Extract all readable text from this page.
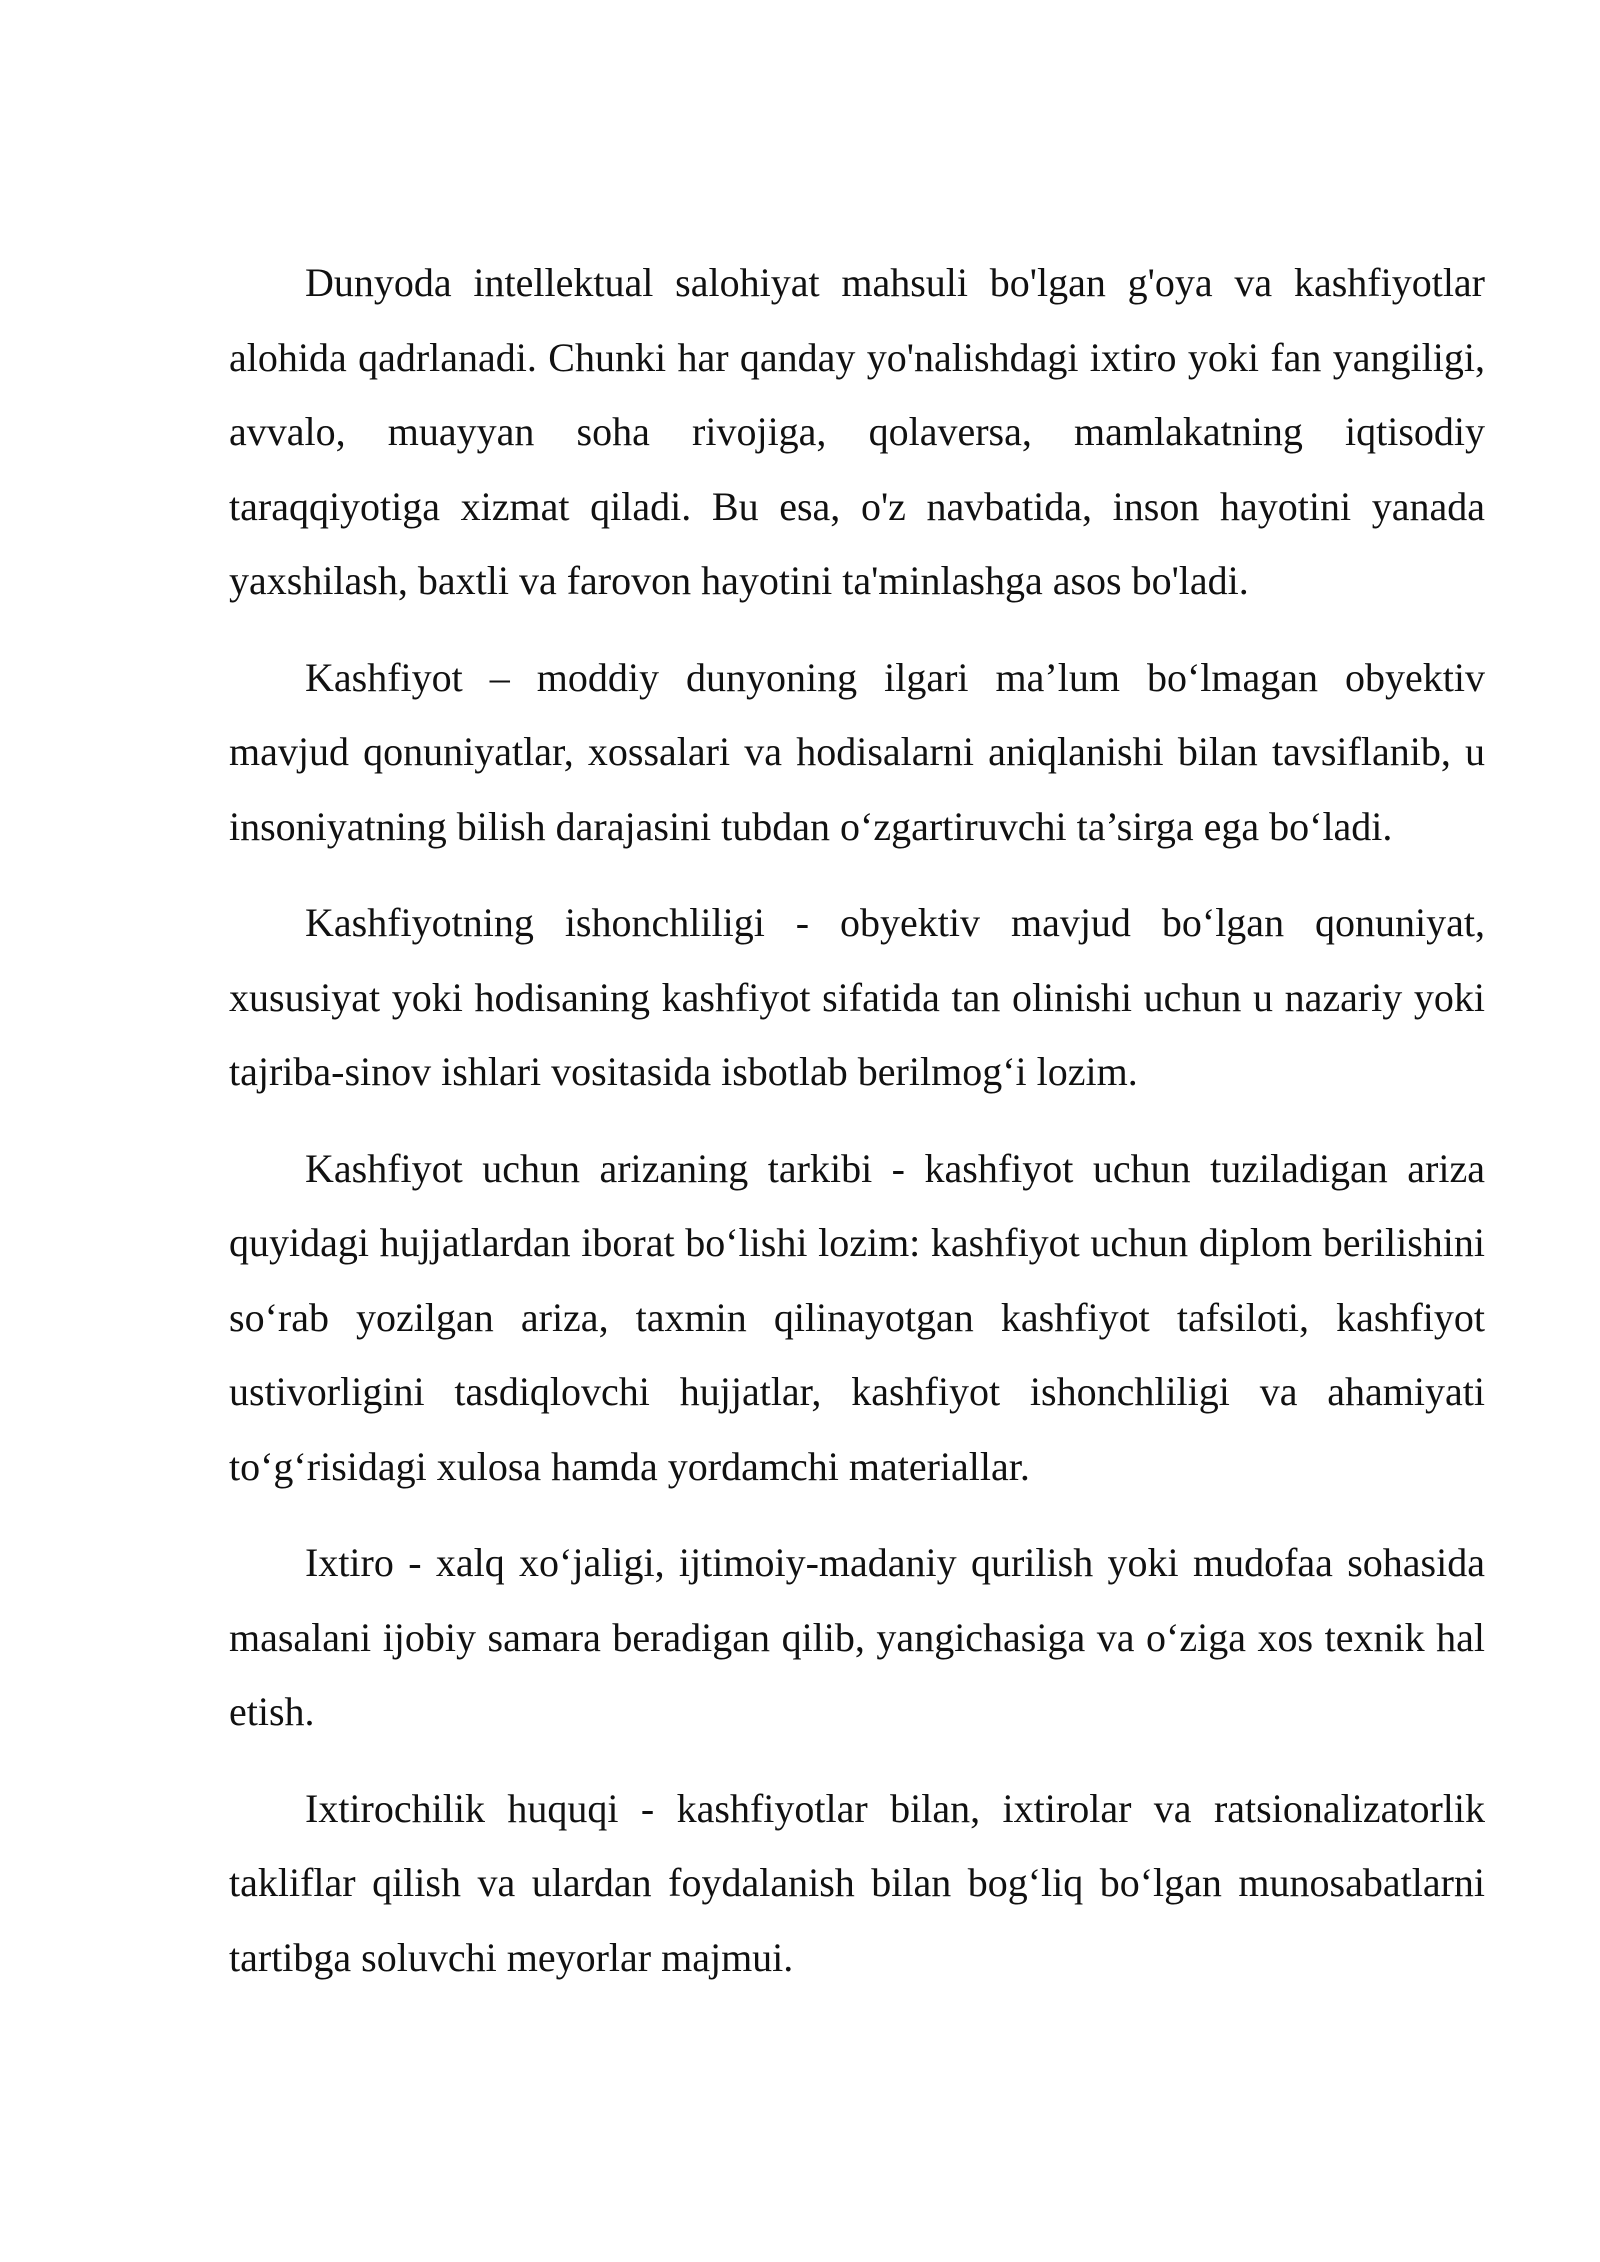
Dunyoda intellektual salohiyat mahsuli bo'lgan g'oya va kashfiyotlar alohida qadrlanadi. Chunki har qanday yo'nalishdagi ixtiro yoki fan yangiligi, avvalo, muayyan soha rivojiga, qolaversa, mamlakatning iqtisodiy taraqqiyotiga xizmat qiladi. Bu esa, o'z navbatida, inson hayotini yanada yaxshilash, baxtli va farovon hayotini ta'minlashga asos bo'ladi.

Kashfiyot – moddiy dunyoning ilgari ma’lum bo‘lmagan obyektiv mavjud qonuniyatlar, xossalari va hodisalarni aniqlanishi bilan tavsiflanib, u insoniyatning bilish darajasini tubdan o‘zgartiruvchi ta’sirga ega bo‘ladi.

Kashfiyotning ishonchliligi - obyektiv mavjud bo‘lgan qonuniyat, xususiyat yoki hodisaning kashfiyot sifatida tan olinishi uchun u nazariy yoki tajriba-sinov ishlari vositasida isbotlab berilmog‘i lozim.

Kashfiyot uchun arizaning tarkibi - kashfiyot uchun tuziladigan ariza quyidagi hujjatlardan iborat bo‘lishi lozim: kashfiyot uchun diplom berilishini so‘rab yozilgan ariza, taxmin qilinayotgan kashfiyot tafsiloti, kashfiyot ustivorligini tasdiqlovchi hujjatlar, kashfiyot ishonchliligi va ahamiyati to‘g‘risidagi xulosa hamda yordamchi materiallar.

Ixtiro - xalq xo‘jaligi, ijtimoiy-madaniy qurilish yoki mudofaa sohasida masalani ijobiy samara beradigan qilib, yangichasiga va o‘ziga xos texnik hal etish.

Ixtirochilik huquqi - kashfiyotlar bilan, ixtirolar va ratsionalizatorlik takliflar qilish va ulardan foydalanish bilan bog‘liq bo‘lgan munosabatlarni tartibga soluvchi meyorlar majmui.
